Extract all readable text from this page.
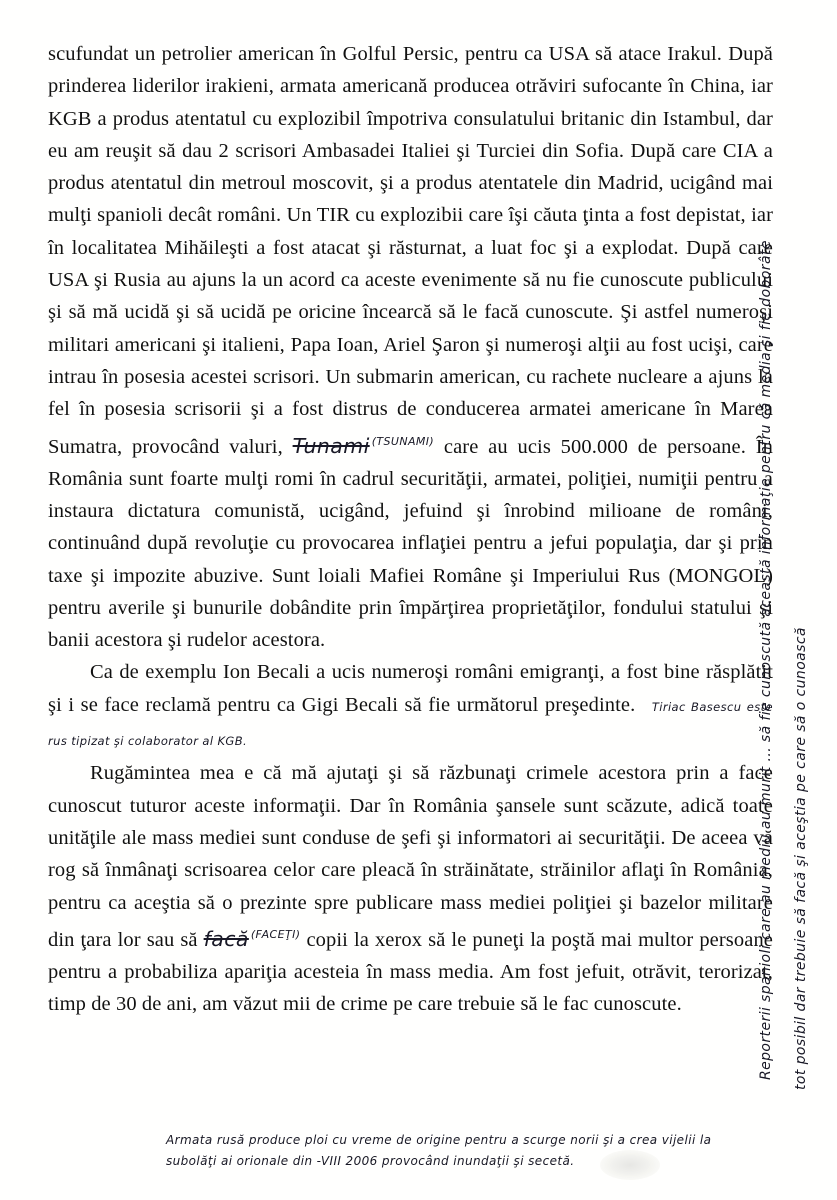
scufundat un petrolier american în Golful Persic, pentru ca USA să atace Irakul. După prinderea liderilor irakieni, armata americană producea otrăviri sufocante în China, iar KGB a produs atentatul cu explozibil împotriva consulatului britanic din Istambul, dar eu am reuşit să dau 2 scrisori Ambasadei Italiei şi Turciei din Sofia. După care CIA a produs atentatul din metroul moscovit, şi a produs atentatele din Madrid, ucigând mai mulţi spanioli decât români. Un TIR cu explozibii care îşi căuta ţinta a fost depistat, iar în localitatea Mihăileşti a fost atacat şi răsturnat, a luat foc şi a explodat. După care USA şi Rusia au ajuns la un acord ca aceste evenimente să nu fie cunoscute publicului şi să mă ucidă şi să ucidă pe oricine încearcă să le facă cunoscute. Şi astfel numeroşi militari americani şi italieni, Papa Ioan, Ariel Şaron şi numeroşi alţii au fost ucişi, care intrau în posesia acestei scrisori. Un submarin american, cu rachete nucleare a ajuns la fel în posesia scrisorii şi a fost distrus de conducerea armatei americane în Marea Sumatra, provocând valuri, Tunami $^{(TSUNAMI)}$ care au ucis 500.000 de persoane. În România sunt foarte mulţi romi în cadrul securităţii, armatei, poliţiei, numiţii pentru a instaura dictatura comunistă, ucigând, jefuind şi înrobind milioane de români, continuând după revoluţie cu provocarea inflaţiei pentru a jefui populaţia, dar şi prin taxe şi impozite abuzive. Sunt loiali Mafiei Române şi Imperiului Rus (MONGOL) pentru averile şi bunurile dobândite prin împărţirea proprietăţilor, fondului statului şi banii acestora şi rudelor acestora.

Ca de exemplu Ion Becali a ucis numeroşi români emigranţi, a fost bine răsplătit şi i se face reclamă pentru ca Gigi Becali să fie următorul preşedinte. Tiriac Basescu este rus tipizat şi colaborator al KGB.

Rugămintea mea e că mă ajutaţi şi să răzbunaţi crimele acestora prin a face cunoscut tuturor aceste informaţii. Dar în România şansele sunt scăzute, adică toate unităţile ale mass mediei sunt conduse de şefi şi informatori ai securităţii. De aceea vă rog să înmânaţi scrisoarea celor care pleacă în străinătate, străinilor aflaţi în România, pentru ca aceştia să o prezinte spre publicare mass mediei poliţiei şi bazelor militare din ţara lor sau să facă $^{(FACEŢI)}$ copii la xerox să le puneţi la poştă mai multor persoane pentru a probabiliza apariţia acesteia în mass media. Am fost jefuit, otrăvit, terorizat, timp de 30 de ani, am văzut mii de crime pe care trebuie să le fac cunoscute.

Armata rusă produce ploi cu vreme de origine pentru a scurge norii şi a crea vijelii la subolăţi ai orionale din -VIII 2006 provocând inundaţii şi secetă.
Reporterii spanioli care au mediu au murit ... să fie cunoscută această informaţie pentru că media şi fie doborâte tot posibil dar trebuie să facă şi aceştia pe care să o cunoască
